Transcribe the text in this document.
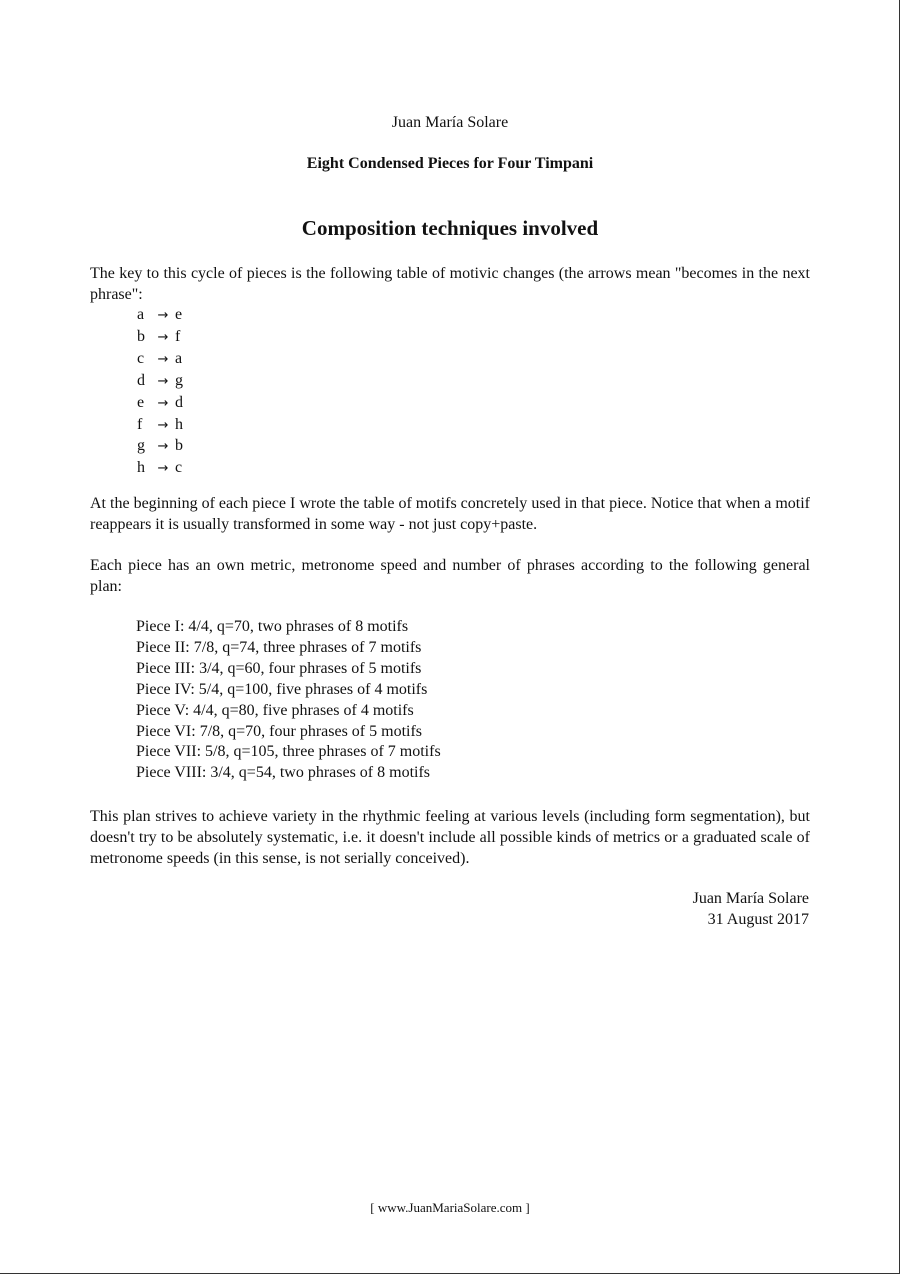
Juan María Solare
Eight Condensed Pieces for Four Timpani
Composition techniques involved

The key to this cycle of pieces is the following table of motivic changes (the arrows mean "becomes in the next phrase":

a → e
b → f
c → a
d → g
e → d
f → h
g → b
h → c

At the beginning of each piece I wrote the table of motifs concretely used in that piece. Notice that when a motif reappears it is usually transformed in some way - not just copy+paste.

Each piece has an own metric, metronome speed and number of phrases according to the following general plan:

Piece I: 4/4, q=70, two phrases of 8 motifs
Piece II: 7/8, q=74, three phrases of 7 motifs
Piece III: 3/4, q=60, four phrases of 5 motifs
Piece IV: 5/4, q=100, five phrases of 4 motifs
Piece V: 4/4, q=80, five phrases of 4 motifs
Piece VI: 7/8, q=70, four phrases of 5 motifs
Piece VII: 5/8, q=105, three phrases of 7 motifs
Piece VIII: 3/4, q=54, two phrases of 8 motifs

This plan strives to achieve variety in the rhythmic feeling at various levels (including form segmentation), but doesn't try to be absolutely systematic, i.e. it doesn't include all possible kinds of metrics or a graduated scale of metronome speeds (in this sense, is not serially conceived).

Juan María Solare
31 August 2017
[ www.JuanMariaSolare.com ]
